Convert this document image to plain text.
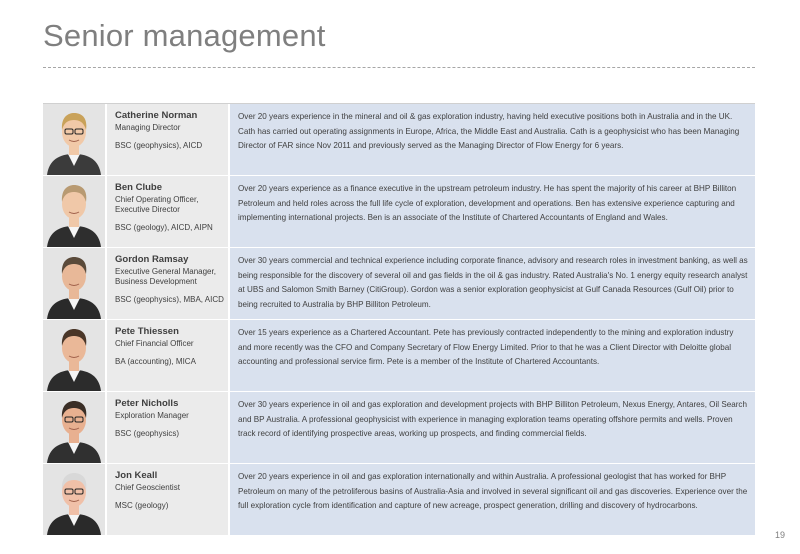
Senior management
Catherine Norman
Managing Director
BSC (geophysics), AICD
Over 20 years experience in the mineral and oil & gas exploration industry, having held executive positions both in Australia and in the UK. Cath has carried out operating assignments in Europe, Africa, the Middle East and Australia. Cath is a geophysicist who has been Managing Director of FAR since Nov 2011 and previously served as the Managing Director of Flow Energy for 6 years.
Ben Clube
Chief Operating Officer, Executive Director
BSC (geology), AICD, AIPN
Over 20 years experience as a finance executive in the upstream petroleum industry. He has spent the majority of his career at BHP Billiton Petroleum and held roles across the full life cycle of exploration, development and operations. Ben has extensive experience capturing and implementing international projects. Ben is an associate of the Institute of Chartered Accountants of England and Wales.
Gordon Ramsay
Executive General Manager, Business Development
BSC (geophysics), MBA, AICD
Over 30 years commercial and technical experience including corporate finance, advisory and research roles in investment banking, as well as being responsible for the discovery of several oil and gas fields in the oil & gas industry. Rated Australia's No. 1 energy equity research analyst at UBS and Salomon Smith Barney (CitiGroup). Gordon was a senior exploration geophysicist at Gulf Canada Resources (Gulf Oil) prior to being recruited to Australia by BHP Billiton Petroleum.
Pete Thiessen
Chief Financial Officer
BA (accounting), MICA
Over 15 years experience as a Chartered Accountant. Pete has previously contracted independently to the mining and exploration industry and more recently was the CFO and Company Secretary of Flow Energy Limited. Prior to that he was a Client Director with Deloitte global accounting and professional service firm. Pete is a member of the Institute of Chartered Accountants.
Peter Nicholls
Exploration Manager
BSC (geophysics)
Over 30 years experience in oil and gas exploration and development projects with BHP Billiton Petroleum, Nexus Energy, Antares, Oil Search and BP Australia. A professional geophysicist with experience in managing exploration teams operating offshore permits and wells. Proven track record of identifying prospective areas, working up prospects, and finding commercial fields.
Jon Keall
Chief Geoscientist
MSC (geology)
Over 20 years experience in oil and gas exploration internationally and within Australia. A professional geologist that has worked for BHP Petroleum on many of the petroliferous basins of Australia-Asia and involved in several significant oil and gas discoveries. Experience over the full exploration cycle from identification and capture of new acreage, prospect generation, drilling and discovery of hydrocarbons.
19
